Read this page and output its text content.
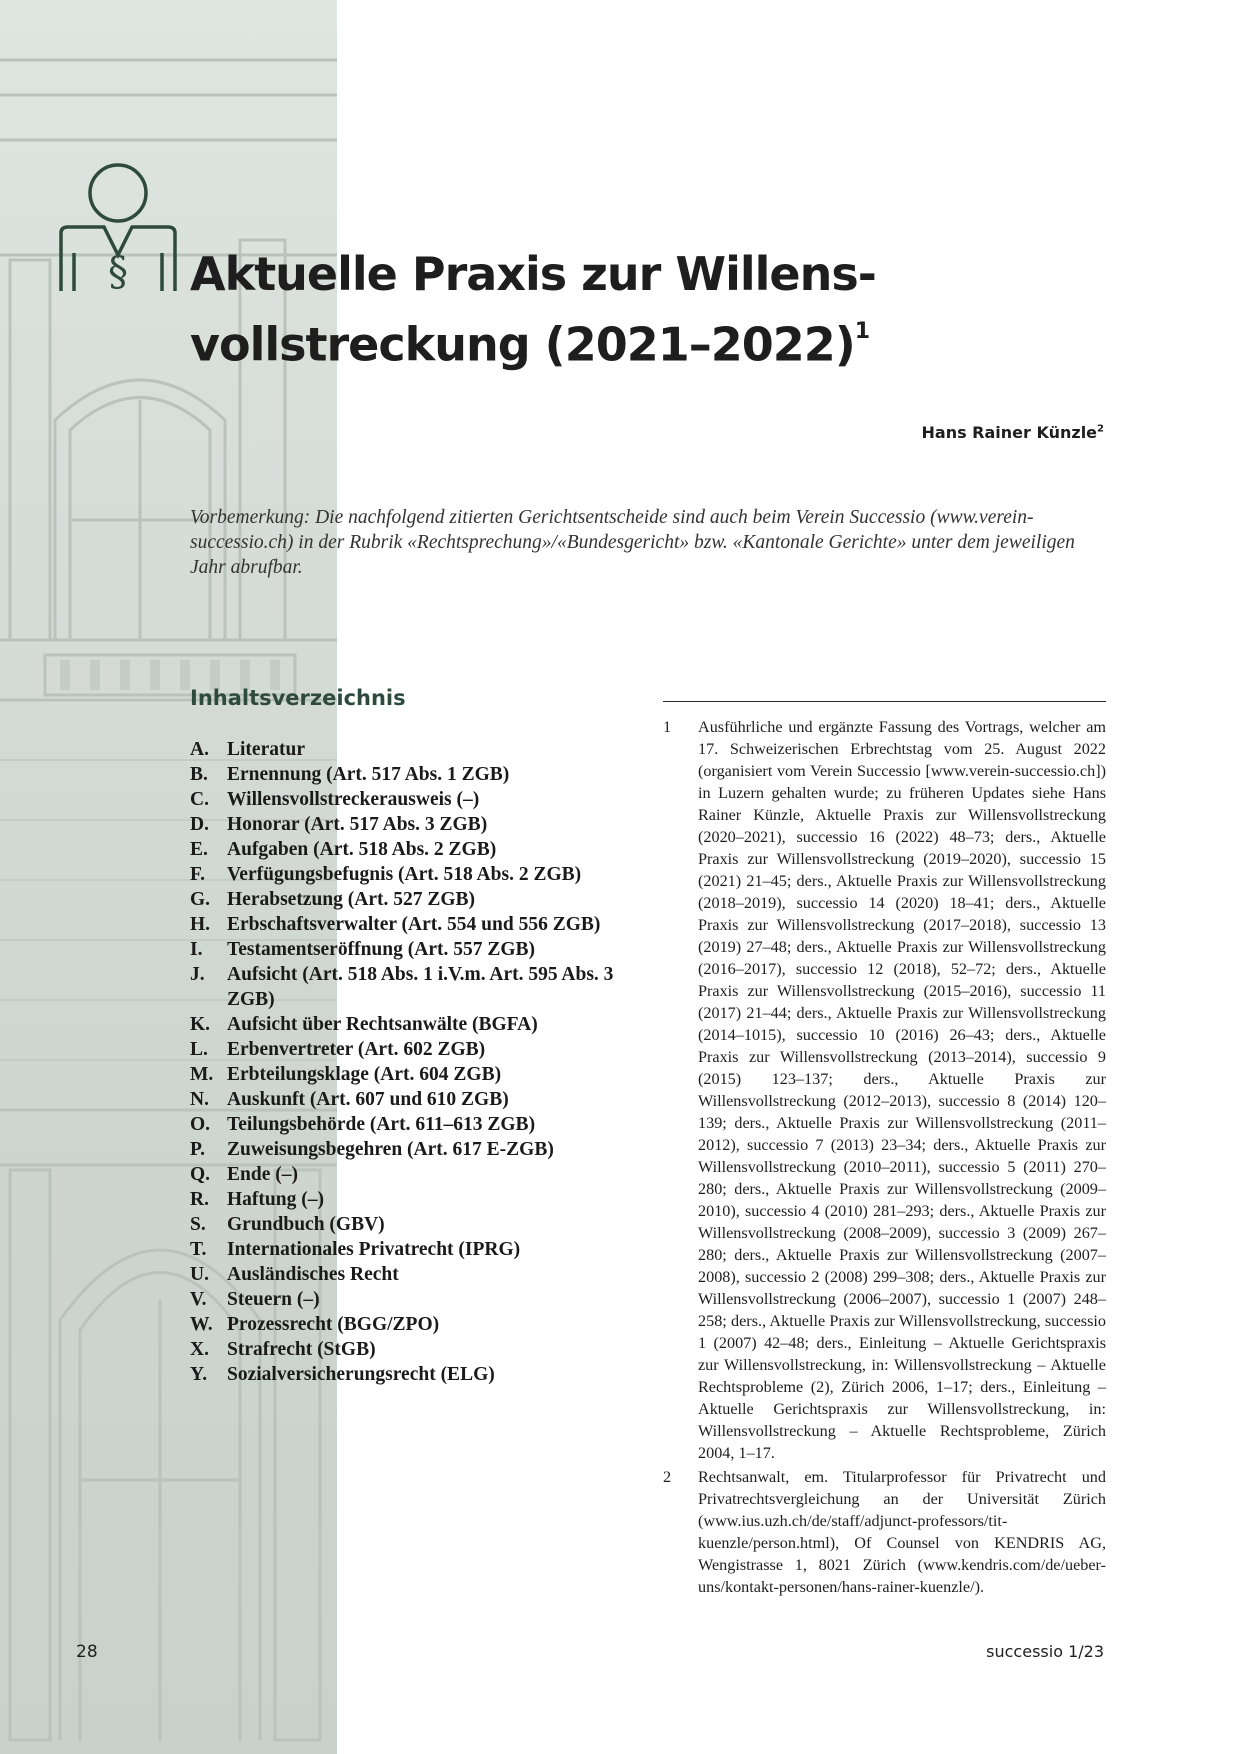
§ Aktuelle Praxis zur Willens-
vollstreckung (2021–2022)$^1$
Hans Rainer Künzle$^2$

Vorbemerkung: Die nachfolgend zitierten Gerichtsentscheide sind auch beim Verein Successio (www.verein-successio.ch) in der Rubrik «Rechtsprechung»/«Bundesgericht» bzw. «Kantonale Gerichte» unter dem jeweiligen Jahr abrufbar.

Inhaltsverzeichnis
A. Literatur
B. Ernennung (Art. 517 Abs. 1 ZGB)
C. Willensvollstreckerausweis (–)
D. Honorar (Art. 517 Abs. 3 ZGB)
E. Aufgaben (Art. 518 Abs. 2 ZGB)
F.	Verfügungsbefugnis (Art. 518 Abs. 2 ZGB)
G. Herabsetzung (Art. 527 ZGB)
H. Erbschaftsverwalter (Art. 554 und 556 ZGB)
I.	Testamentseröffnung (Art. 557 ZGB)
J.	Aufsicht (Art. 518 Abs. 1 i.V.m. Art. 595 Abs. 3 ZGB)
K. Aufsicht über Rechtsanwälte (BGFA)
L. Erbenvertreter (Art. 602 ZGB)
M. Erbteilungsklage (Art. 604 ZGB)
N. Auskunft (Art. 607 und 610 ZGB)
O. Teilungsbehörde (Art. 611–613 ZGB)
P.	Zuweisungsbegehren (Art. 617 E-ZGB)
Q. Ende (–)
R. Haftung (–)
S.	Grundbuch (GBV)
T.	Internationales Privatrecht (IPRG)
U. Ausländisches Recht
V.	Steuern (–)
W. Prozessrecht (BGG/ZPO)
X. Strafrecht (StGB)
Y.	Sozialversicherungsrecht (ELG)
1	Ausführliche und ergänzte Fassung des Vortrags, welcher am 17. Schweizerischen Erbrechtstag vom 25. August 2022 (organisiert vom Verein Successio [www.verein-successio.ch]) in Luzern gehalten wurde; zu früheren Updates siehe Hans Rainer Künzle, Aktuelle Praxis zur Willensvollstreckung (2020–2021), successio 16 (2022) 48–73; ders., Aktuelle Praxis zur Willensvollstreckung (2019–2020), successio 15 (2021) 21–45; ders., Aktuelle Praxis zur Willensvollstreckung (2018–2019), successio 14 (2020) 18–41; ders., Aktuelle Praxis zur Willensvollstreckung (2017–2018), successio 13 (2019) 27–48; ders., Aktuelle Praxis zur Willensvollstreckung (2016–2017), successio 12 (2018), 52–72; ders., Aktuelle Praxis zur Willensvollstreckung (2015–2016), successio 11 (2017) 21–44; ders., Aktuelle Praxis zur Willensvollstreckung (2014–1015), successio 10 (2016) 26–43; ders., Aktuelle Praxis zur Willensvollstreckung (2013–2014), successio 9 (2015) 123–137; ders., Aktuelle Praxis zur Willensvollstreckung (2012–2013), successio 8 (2014) 120–139; ders., Aktuelle Praxis zur Willensvollstreckung (2011–2012), successio 7 (2013) 23–34; ders., Aktuelle Praxis zur Willensvollstreckung (2010–2011), successio 5 (2011) 270–280; ders., Aktuelle Praxis zur Willensvollstreckung (2009–2010), successio 4 (2010) 281–293; ders., Aktuelle Praxis zur Willensvollstreckung (2008–2009), successio 3 (2009) 267–280; ders., Aktuelle Praxis zur Willensvollstreckung (2007–2008), successio 2 (2008) 299–308; ders., Aktuelle Praxis zur Willensvollstreckung (2006–2007), successio 1 (2007) 248–258; ders., Aktuelle Praxis zur Willensvollstreckung, successio 1 (2007) 42–48; ders., Einleitung – Aktuelle Gerichtspraxis zur Willensvollstreckung, in: Willensvollstreckung – Aktuelle Rechtsprobleme (2), Zürich 2006, 1–17; ders., Einleitung – Aktuelle Gerichtspraxis zur Willensvollstreckung, in: Willensvollstreckung – Aktuelle Rechtsprobleme, Zürich 2004, 1–17.
2	Rechtsanwalt, em. Titularprofessor für Privatrecht und Privatrechtsvergleichung an der Universität Zürich (www.ius.uzh.ch/de/staff/adjunct-professors/tit-kuenzle/person.html), Of Counsel von KENDRIS AG, Wengistrasse 1, 8021 Zürich (www.kendris.com/de/ueber-uns/kontakt-personen/hans-rainer-kuenzle/).
28	successio 1/23
